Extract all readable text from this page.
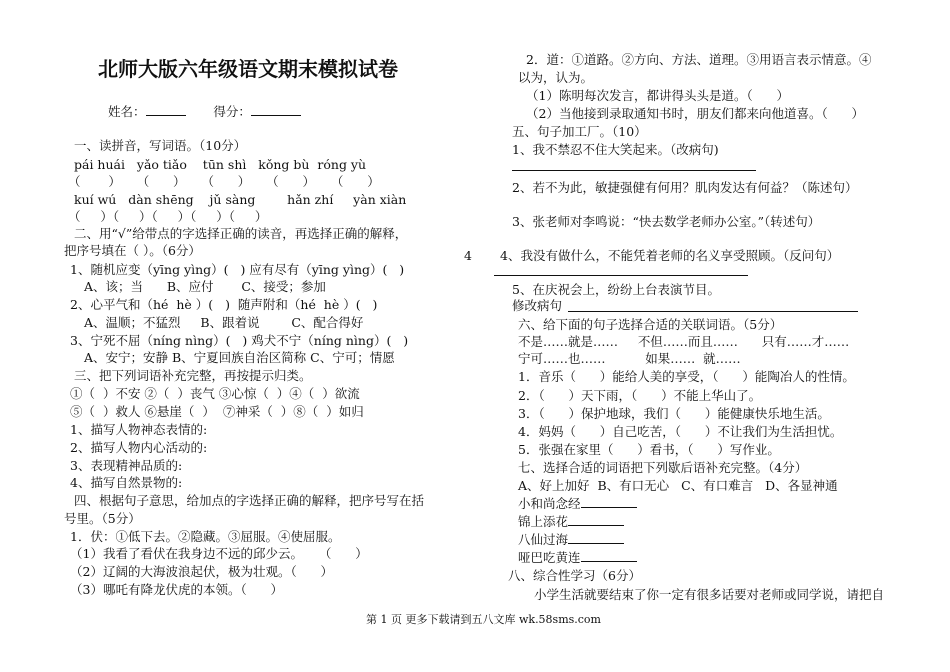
北师大版六年级语文期末模拟试卷
姓名：	得分：
一、读拼音，写词语。（10分）
pái huái   yǎo tiǎo    tūn shì   kǒng bù  róng yù
（       ）    （      ）    （      ）    （      ）    （      ）
kuí wú   dàn shēng    jǔ sàng        hǎn zhí     yàn xiàn
（     ）（     ）（     ）（     ）（     ）
二、用“√”给带点的字选择正确的读音，再选择正确的解释，
把序号填在（ ）。（6分）
1、随机应变（yīng yìng）(   ) 应有尽有（yīng yìng）(   )
A、该；当      B、应付       C、接受；参加
2、心平气和（hé  hè ）(   )  随声附和（hé  hè ）(   )
A、温顺；不猛烈     B、跟着说        C、配合得好
3、宁死不屈（níng nìng）(   ) 鸡犬不宁（níng nìng）(   )
A、安宁；安静 B、宁夏回族自治区简称 C、宁可；情愿
三、把下列词语补充完整，再按提示归类。
①（  ）不安 ②（  ）丧气 ③心惊（  ）④（  ）欲流
⑤（  ）救人 ⑥悬崖（  ）  ⑦神采（  ）⑧（  ）如归
1、描写人物神态表情的:
2、描写人物内心活动的:
3、表现精神品质的:
4、描写自然景物的:
四、根据句子意思，给加点的字选择正确的解释，把序号写在括
号里。（5分）
1．伏：①低下去。②隐藏。③屈服。④使屈服。
（1）我看了看伏在我身边不远的邱少云。    （      ）
（2）辽阔的大海波浪起伏，极为壮观。（      ）
（3）哪吒有降龙伏虎的本领。（      ）
4
2．道：①道路。②方向、方法、道理。③用语言表示情意。④
以为，认为。
（1）陈明每次发言，都讲得头头是道。（      ）
（2）当他接到录取通知书时，朋友们都来向他道喜。（      ）
五、句子加工厂。（10）
1、我不禁忍不住大笑起来。（改病句)
2、若不为此，敏捷强健有何用？肌肉发达有何益？（陈述句）
3、张老师对李鸣说：“快去数学老师办公室。”（转述句）
4、我没有做什么，不能凭着老师的名义享受照顾。（反问句）
5、在庆祝会上，纷纷上台表演节目。
修改病句
六、给下面的句子选择合适的关联词语。（5分）
不是……就是……     不但……而且……      只有……才……
宁可……也……          如果……  就……
1．音乐（      ）能给人美的享受，（      ）能陶冶人的性情。
2．（      ）天下雨，（      ）不能上华山了。
3．（      ）保护地球，我们（      ）能健康快乐地生活。
4．妈妈（      ）自己吃苦，（      ）不让我们为生活担忧。
5．张强在家里（      ）看书，（      ）写作业。
七、选择合适的词语把下列歇后语补充完整。（4分）
A、好上加好  B、有口无心   C、有口难言   D、各显神通
小和尚念经
锦上添花
八仙过海
哑巴吃黄连
八、综合性学习（6分）
小学生活就要结束了你一定有很多话要对老师或同学说，请把自
第 1 页 更多下载请到五八文库 wk.58sms.com
